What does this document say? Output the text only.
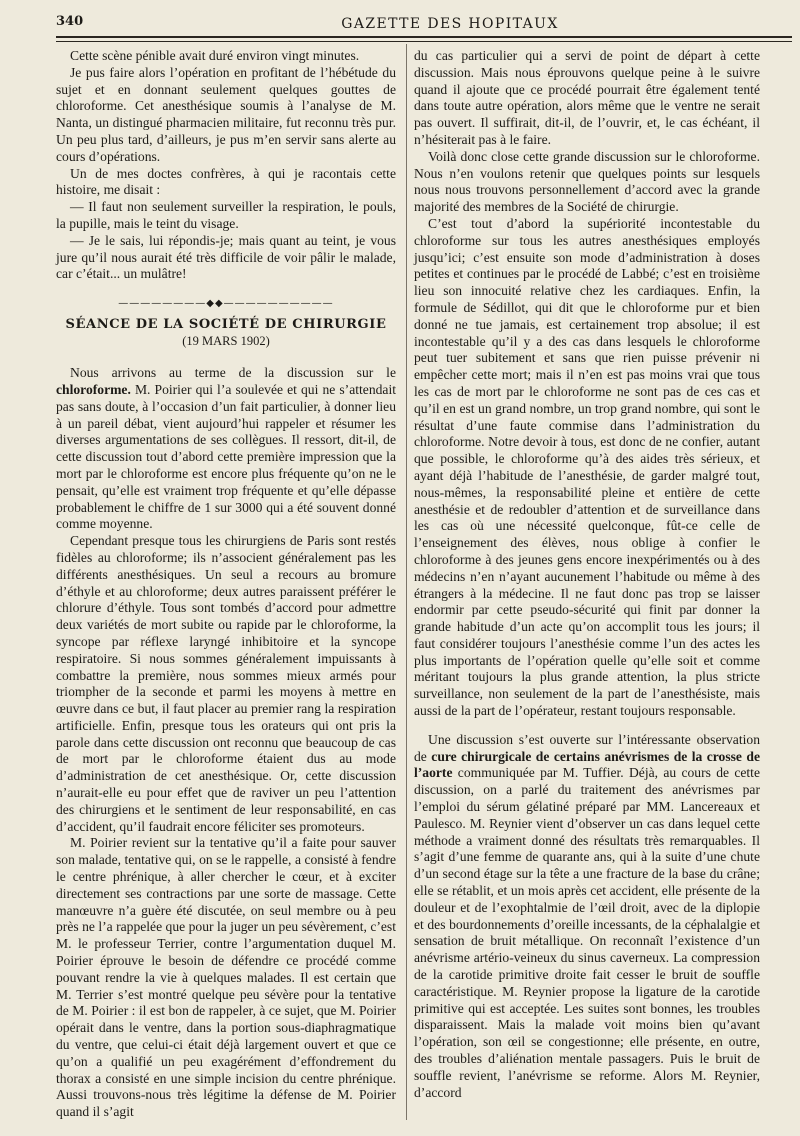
340	GAZETTE DES HOPITAUX

Cette scène pénible avait duré environ vingt minutes.

Je pus faire alors l’opération en profitant de l’hébétude du sujet et en donnant seulement quelques gouttes de chloroforme. Cet anesthésique soumis à l’analyse de M. Nanta, un distingué pharmacien militaire, fut reconnu très pur. Un peu plus tard, d’ailleurs, je pus m’en servir sans alerte au cours d’opérations.

Un de mes doctes confrères, à qui je racontais cette histoire, me disait :

— Il faut non seulement surveiller la respiration, le pouls, la pupille, mais le teint du visage.

— Je le sais, lui répondis-je; mais quant au teint, je vous jure qu’il nous aurait été très difficile de voir pâlir le malade, car c’était... un mulâtre!

————————◆◆——————————
SÉANCE DE LA SOCIÉTÉ DE CHIRURGIE
(19 MARS 1902)

Nous arrivons au terme de la discussion sur le chloroforme. M. Poirier qui l’a soulevée et qui ne s’attendait pas sans doute, à l’occasion d’un fait particulier, à donner lieu à un pareil débat, vient aujourd’hui rappeler et résumer les diverses argumentations de ses collègues. Il ressort, dit-il, de cette discussion tout d’abord cette première impression que la mort par le chloroforme est encore plus fréquente qu’on ne le pensait, qu’elle est vraiment trop fréquente et qu’elle dépasse probablement le chiffre de 1 sur 3000 qui a été souvent donné comme moyenne.

Cependant presque tous les chirurgiens de Paris sont restés fidèles au chloroforme; ils n’associent généralement pas les différents anesthésiques. Un seul a recours au bromure d’éthyle et au chloroforme; deux autres paraissent préférer le chlorure d’éthyle. Tous sont tombés d’accord pour admettre deux variétés de mort subite ou rapide par le chloroforme, la syncope par réflexe laryngé inhibitoire et la syncope respiratoire. Si nous sommes généralement impuissants à combattre la première, nous sommes mieux armés pour triompher de la seconde et parmi les moyens à mettre en œuvre dans ce but, il faut placer au premier rang la respiration artificielle. Enfin, presque tous les orateurs qui ont pris la parole dans cette discussion ont reconnu que beaucoup de cas de mort par le chloroforme étaient dus au mode d’administration de cet anesthésique. Or, cette discussion n’aurait-elle eu pour effet que de raviver un peu l’attention des chirurgiens et le sentiment de leur responsabilité, en cas d’accident, qu’il faudrait encore féliciter ses promoteurs.

M. Poirier revient sur la tentative qu’il a faite pour sauver son malade, tentative qui, on se le rappelle, a consisté à fendre le centre phrénique, à aller chercher le cœur, et à exciter directement ses contractions par une sorte de massage. Cette manœuvre n’a guère été discutée, on seul membre ou à peu près ne l’a rappelée que pour la juger un peu sévèrement, c’est M. le professeur Terrier, contre l’argumentation duquel M. Poirier éprouve le besoin de défendre ce procédé comme pouvant rendre la vie à quelques malades. Il est certain que M. Terrier s’est montré quelque peu sévère pour la tentative de M. Poirier : il est bon de rappeler, à ce sujet, que M. Poirier opérait dans le ventre, dans la portion sous-diaphragmatique du ventre, que celui-ci était déjà largement ouvert et que ce qu’on a qualifié un peu exagérément d’effondrement du thorax a consisté en une simple incision du centre phrénique. Aussi trouvons-nous très légitime la défense de M. Poirier quand il s’agit

du cas particulier qui a servi de point de départ à cette discussion. Mais nous éprouvons quelque peine à le suivre quand il ajoute que ce procédé pourrait être également tenté dans toute autre opération, alors même que le ventre ne serait pas ouvert. Il suffirait, dit-il, de l’ouvrir, et, le cas échéant, il n’hésiterait pas à le faire.

Voilà donc close cette grande discussion sur le chloroforme. Nous n’en voulons retenir que quelques points sur lesquels nous nous trouvons personnellement d’accord avec la grande majorité des membres de la Société de chirurgie.

C’est tout d’abord la supériorité incontestable du chloroforme sur tous les autres anesthésiques employés jusqu’ici; c’est ensuite son mode d’administration à doses petites et continues par le procédé de Labbé; c’est en troisième lieu son innocuité relative chez les cardiaques. Enfin, la formule de Sédillot, qui dit que le chloroforme pur et bien donné ne tue jamais, est certainement trop absolue; il est incontestable qu’il y a des cas dans lesquels le chloroforme peut tuer subitement et sans que rien puisse prévenir ni empêcher cette mort; mais il n’en est pas moins vrai que tous les cas de mort par le chloroforme ne sont pas de ces cas et qu’il en est un grand nombre, un trop grand nombre, qui sont le résultat d’une faute commise dans l’administration du chloroforme. Notre devoir à tous, est donc de ne confier, autant que possible, le chloroforme qu’à des aides très sérieux, et ayant déjà l’habitude de l’anesthésie, de garder malgré tout, nous-mêmes, la responsabilité pleine et entière de cette anesthésie et de redoubler d’attention et de surveillance dans les cas où une nécessité quelconque, fût-ce celle de l’enseignement des élèves, nous oblige à confier le chloroforme à des jeunes gens encore inexpérimentés ou à des médecins n’en n’ayant aucunement l’habitude ou même à des étrangers à la médecine. Il ne faut donc pas trop se laisser endormir par cette pseudo-sécurité qui finit par donner la grande habitude d’un acte qu’on accomplit tous les jours; il faut considérer toujours l’anesthésie comme l’un des actes les plus importants de l’opération quelle qu’elle soit et comme méritant toujours la plus grande attention, la plus stricte surveillance, non seulement de la part de l’anesthésiste, mais aussi de la part de l’opérateur, restant toujours responsable.

Une discussion s’est ouverte sur l’intéressante observation de cure chirurgicale de certains anévrismes de la crosse de l’aorte communiquée par M. Tuffier. Déjà, au cours de cette discussion, on a parlé du traitement des anévrismes par l’emploi du sérum gélatiné préparé par MM. Lancereaux et Paulesco. M. Reynier vient d’observer un cas dans lequel cette méthode a vraiment donné des résultats très remarquables. Il s’agit d’une femme de quarante ans, qui à la suite d’une chute d’un second étage sur la tête a une fracture de la base du crâne; elle se rétablit, et un mois après cet accident, elle présente de la douleur et de l’exophtalmie de l’œil droit, avec de la diplopie et des bourdonnements d’oreille incessants, de la céphalalgie et sensation de bruit métallique. On reconnaît l’existence d’un anévrisme artério-veineux du sinus caverneux. La compression de la carotide primitive droite fait cesser le bruit de souffle caractéristique. M. Reynier propose la ligature de la carotide primitive qui est acceptée. Les suites sont bonnes, les troubles disparaissent. Mais la malade voit moins bien qu’avant l’opération, son œil se congestionne; elle présente, en outre, des troubles d’aliénation mentale passagers. Puis le bruit de souffle revient, l’anévrisme se reforme. Alors M. Reynier, d’accord
